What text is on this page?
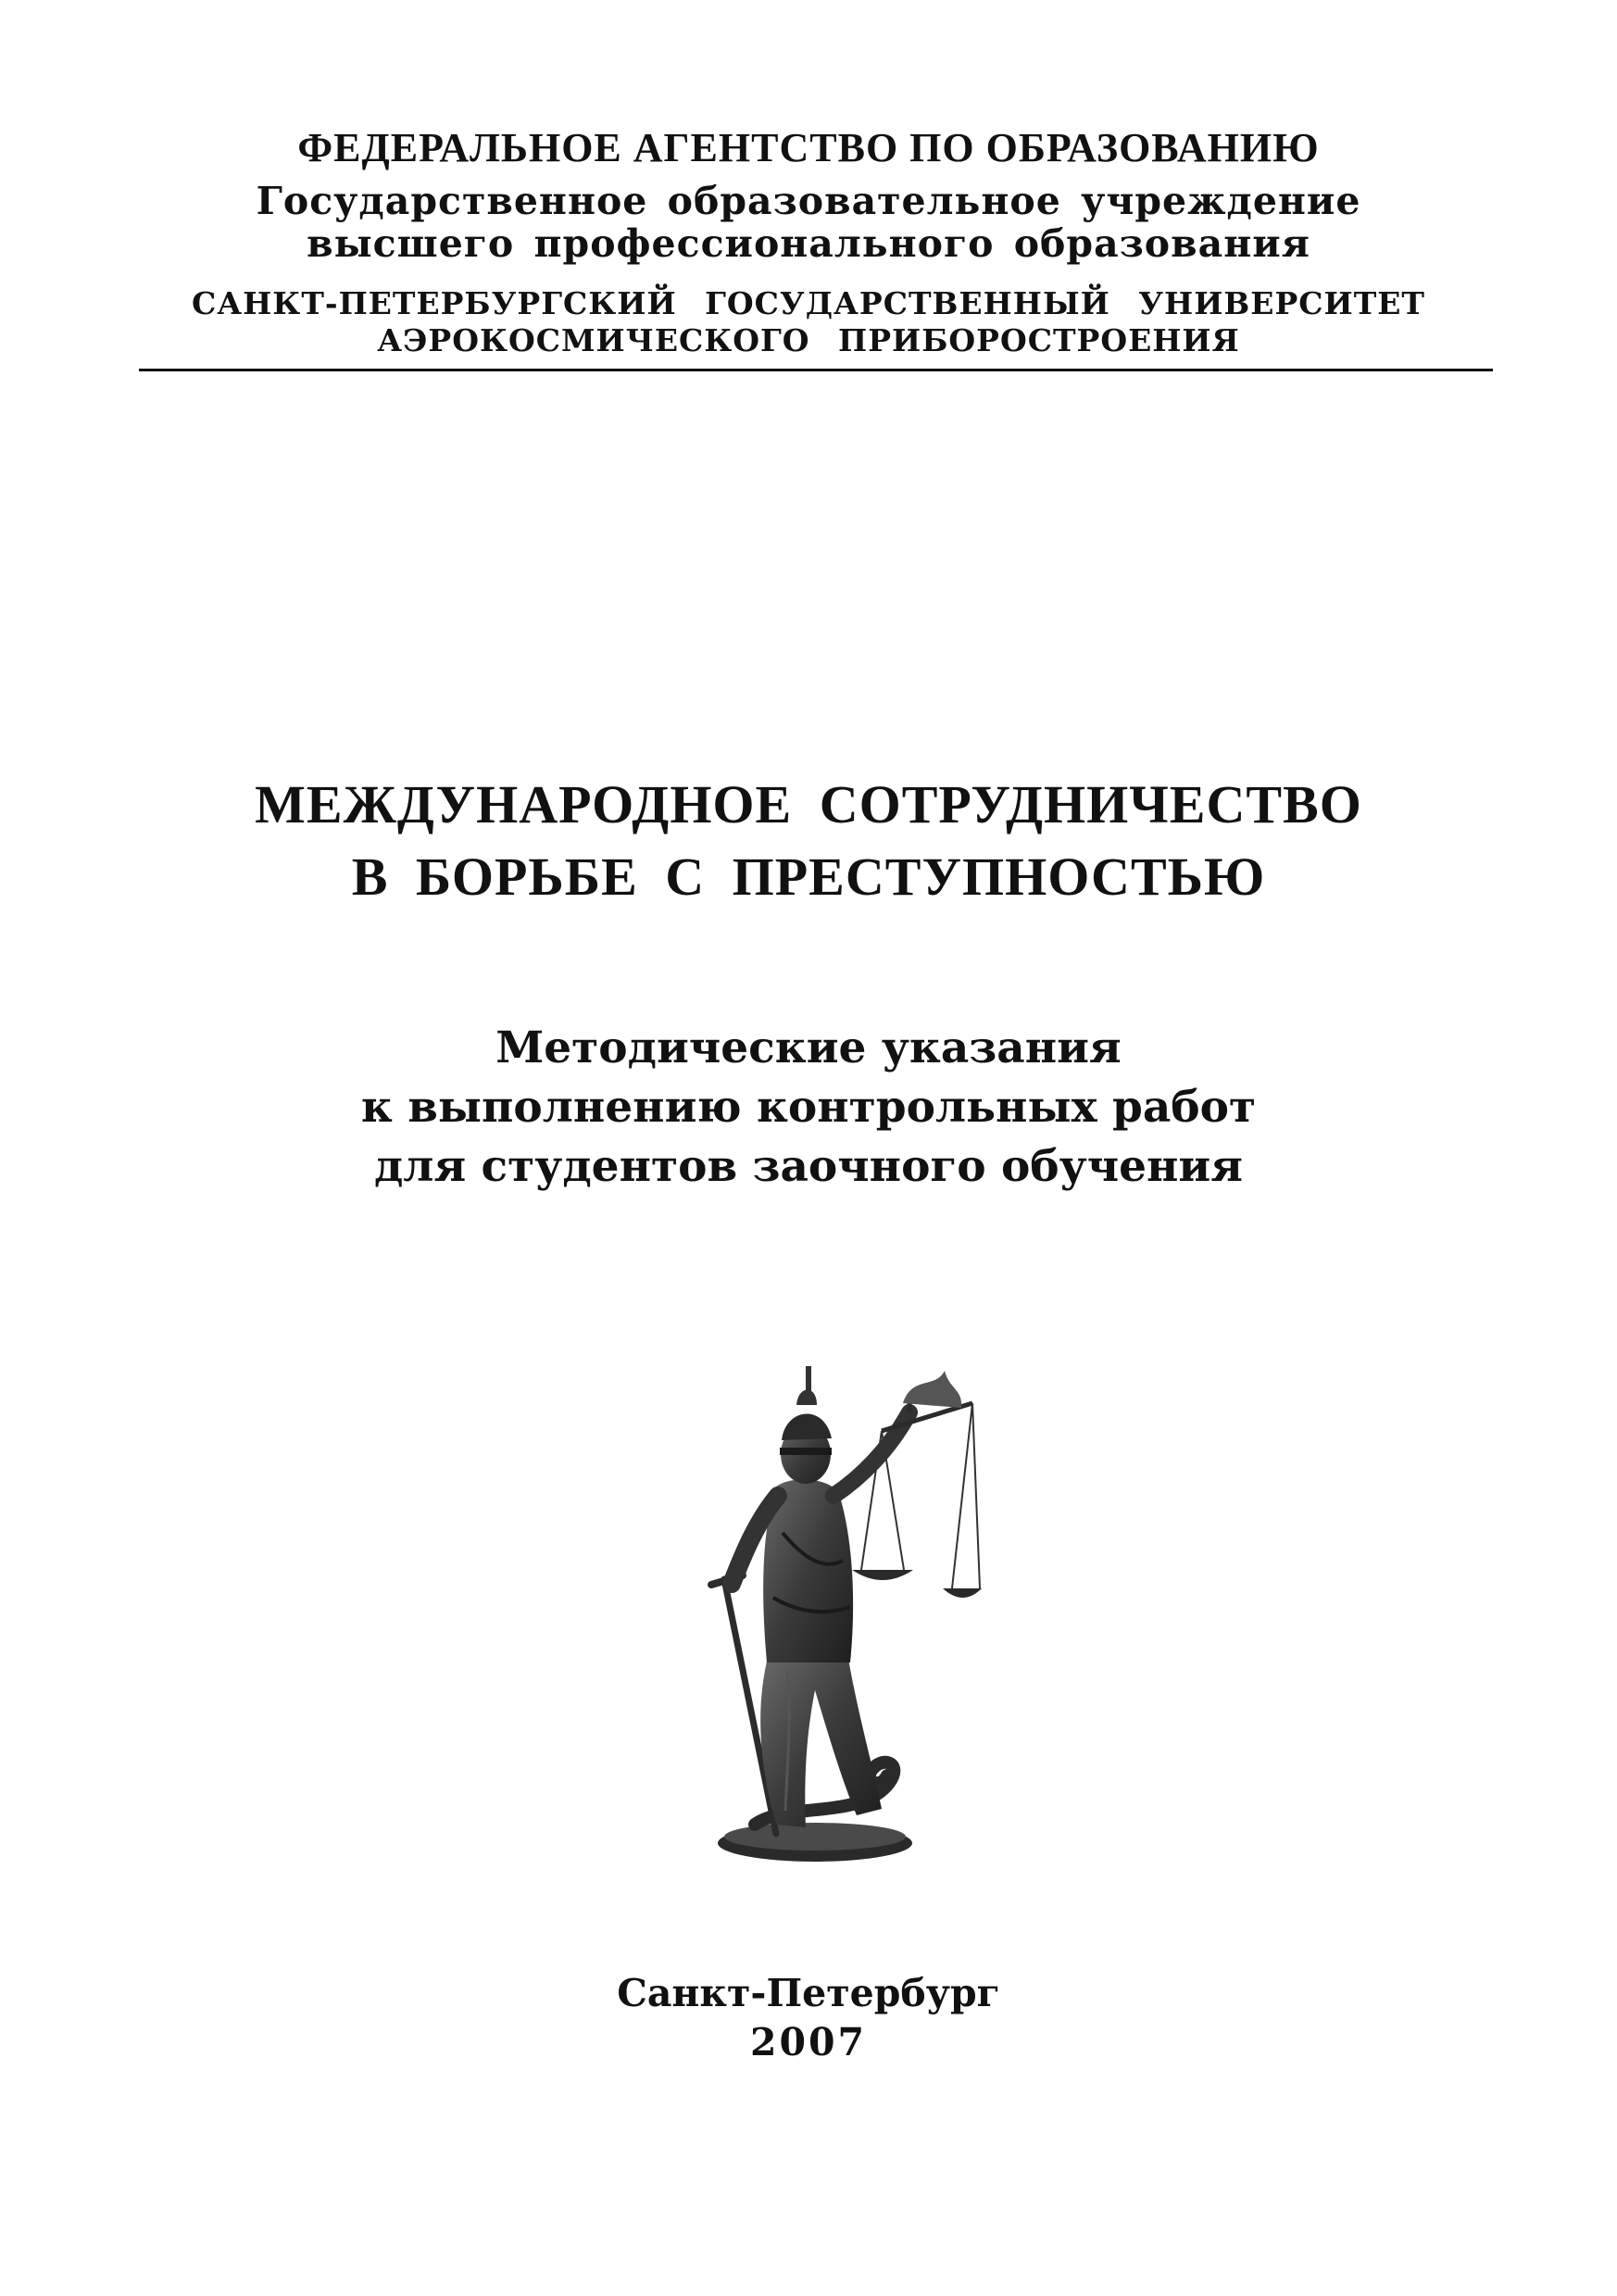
ФЕДЕРАЛЬНОЕ АГЕНТСТВО ПО ОБРАЗОВАНИЮ
Государственное образовательное учреждение
высшего профессионального образования
САНКТ-ПЕТЕРБУРГСКИЙ ГОСУДАРСТВЕННЫЙ УНИВЕРСИТЕТ
АЭРОКОСМИЧЕСКОГО ПРИБОРОСТРОЕНИЯ
МЕЖДУНАРОДНОЕ СОТРУДНИЧЕСТВО
В БОРЬБЕ С ПРЕСТУПНОСТЬЮ
Методические указания
к выполнению контрольных работ
для студентов заочного обучения
Санкт-Петербург
2007
